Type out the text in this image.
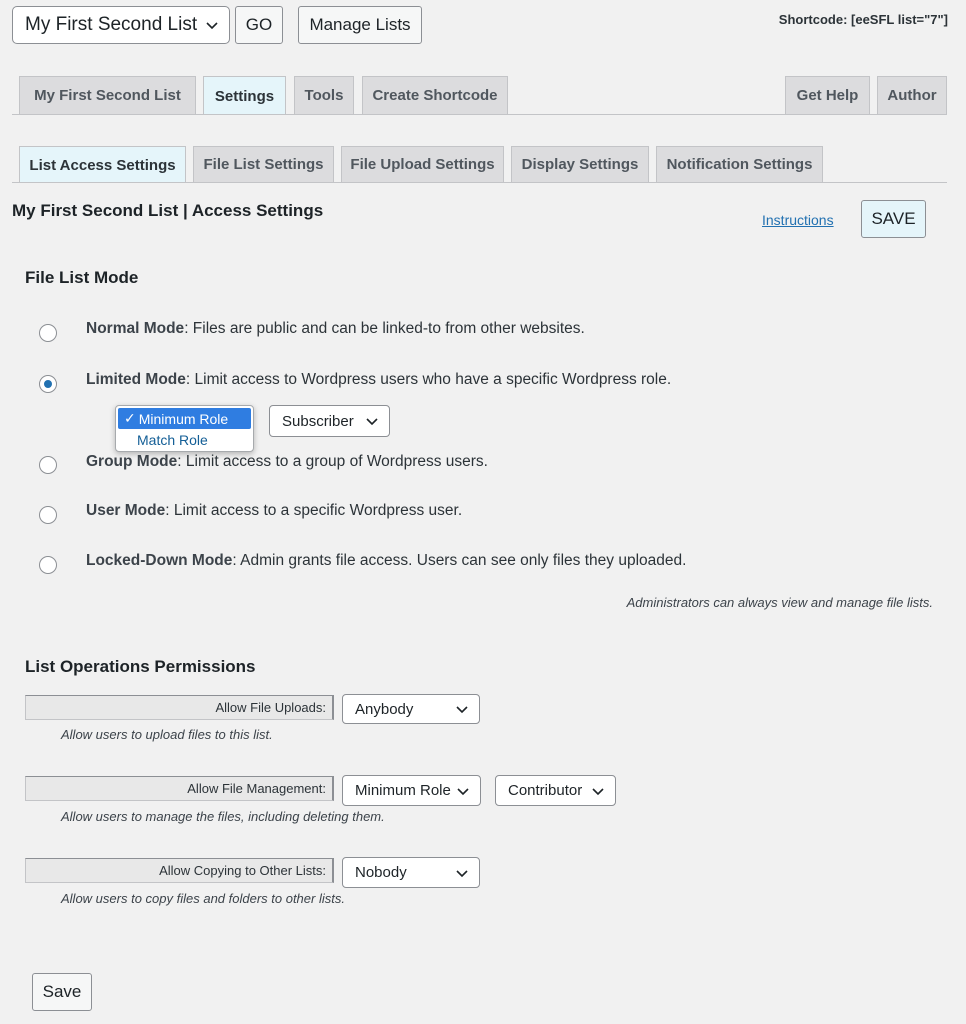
My First Second List	GO	Manage Lists	Shortcode: [eeSFL list="7"]
My First Second List Settings Tools Create Shortcode	Get Help Author
List Access Settings File List Settings File Upload Settings Display Settings Notification Settings
My First Second List | Access Settings	Instructions	SAVE
File List Mode
Normal Mode: Files are public and can be linked-to from other websites.
Limited Mode: Limit access to Wordpress users who have a specific Wordpress role.
✓ Minimum Role
Match Role
Subscriber
Group Mode: Limit access to a group of Wordpress users.
User Mode: Limit access to a specific Wordpress user.
Locked-Down Mode: Admin grants file access. Users can see only files they uploaded.
Administrators can always view and manage file lists.
List Operations Permissions
Allow File Uploads: Anybody
Allow users to upload files to this list.
Allow File Management: Minimum Role	Contributor
Allow users to manage the files, including deleting them.
Allow Copying to Other Lists: Nobody
Allow users to copy files and folders to other lists.
Save
